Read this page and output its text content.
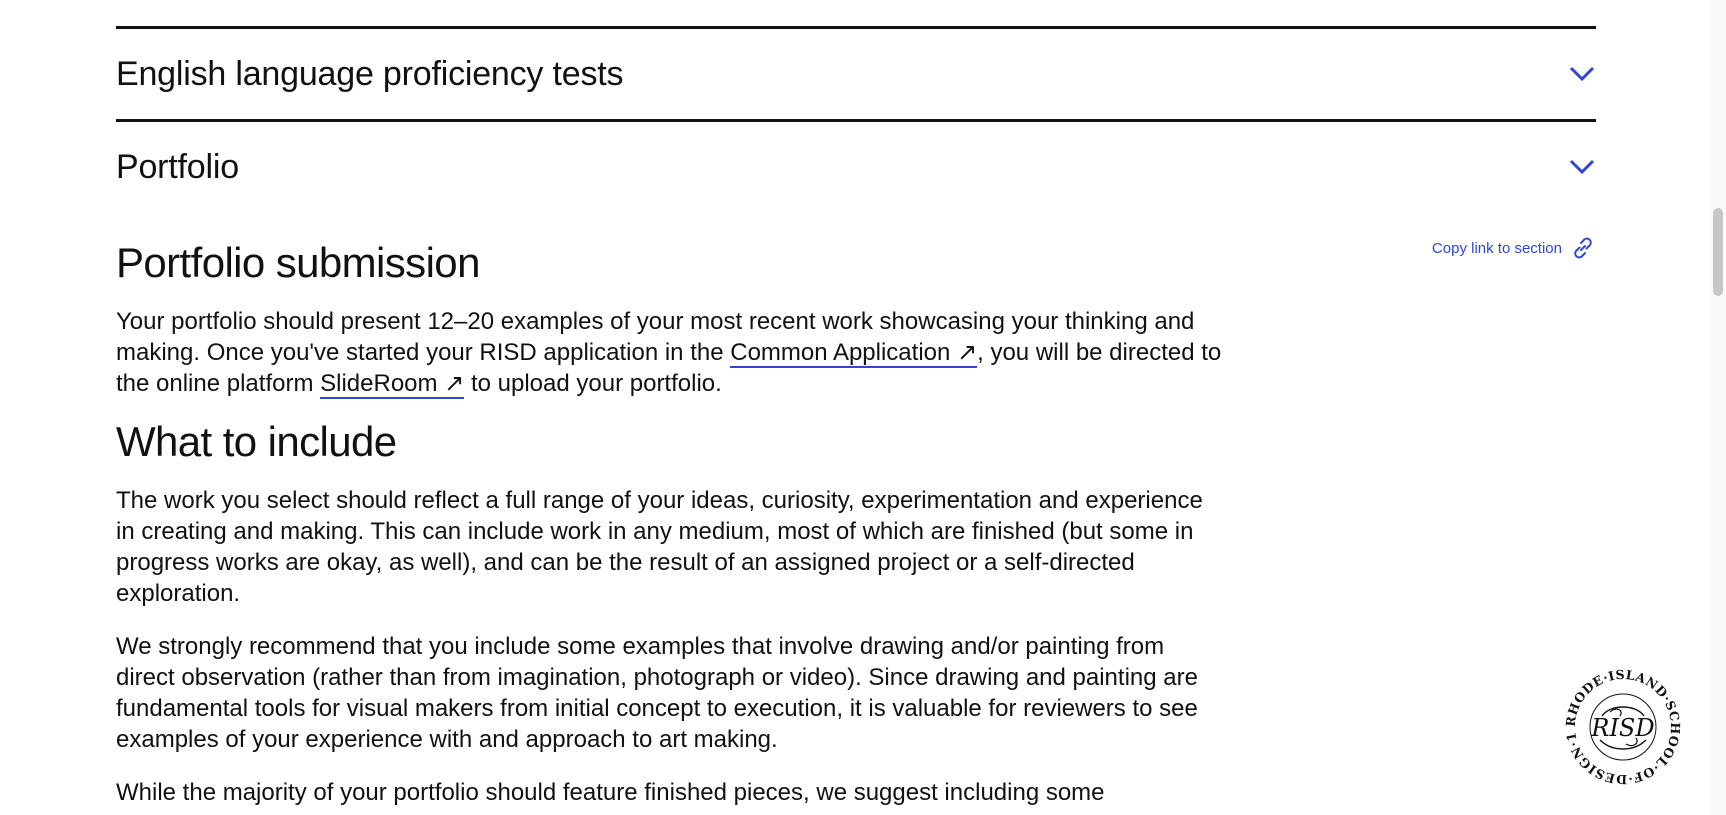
English language proficiency tests
Portfolio
Copy link to section
Portfolio submission

Your portfolio should present 12–20 examples of your most recent work showcasing your thinking and making. Once you've started your RISD application in the Common Application ↗, you will be directed to the online platform SlideRoom ↗ to upload your portfolio.

What to include

The work you select should reflect a full range of your ideas, curiosity, experimentation and experience in creating and making. This can include work in any medium, most of which are finished (but some in progress works are okay, as well), and can be the result of an assigned project or a self-directed exploration.

We strongly recommend that you include some examples that involve drawing and/or painting from direct observation (rather than from imagination, photograph or video). Since drawing and painting are fundamental tools for visual makers from initial concept to execution, it is valuable for reviewers to see examples of your experience with and approach to art making.

While the majority of your portfolio should feature finished pieces, we suggest including some

RHODE·ISLAND·SCHOOL·OF·DESIGN·1 RISD
